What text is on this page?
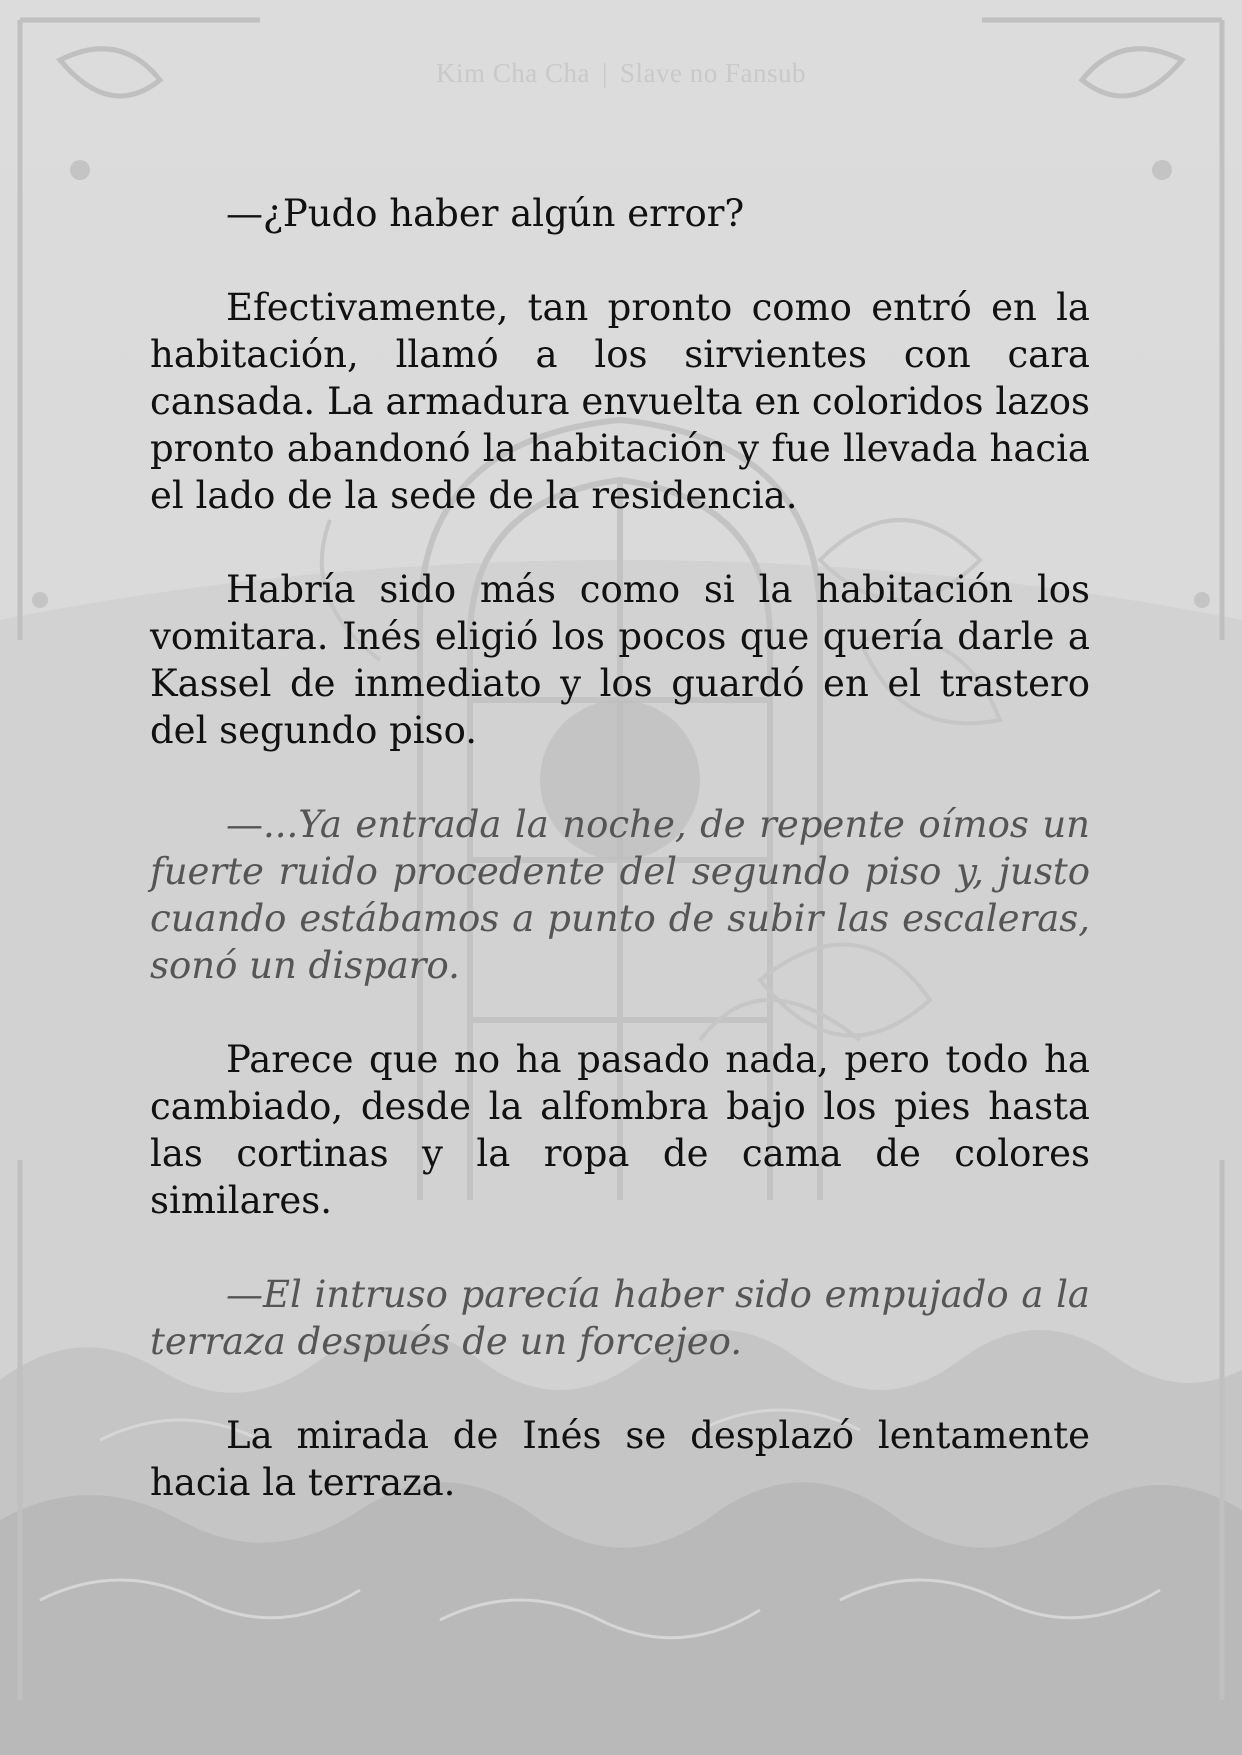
Kim Cha Cha | Slave no Fansub

—¿Pudo haber algún error?

Efectivamente, tan pronto como entró en la habitación, llamó a los sirvientes con cara cansada. La armadura envuelta en coloridos lazos pronto abandonó la habitación y fue llevada hacia el lado de la sede de la residencia.

Habría sido más como si la habitación los vomitara. Inés eligió los pocos que quería darle a Kassel de inmediato y los guardó en el trastero del segundo piso.

—...Ya entrada la noche, de repente oímos un fuerte ruido procedente del segundo piso y, justo cuando estábamos a punto de subir las escaleras, sonó un disparo.

Parece que no ha pasado nada, pero todo ha cambiado, desde la alfombra bajo los pies hasta las cortinas y la ropa de cama de colores similares.

—El intruso parecía haber sido empujado a la terraza después de un forcejeo.

La mirada de Inés se desplazó lentamente hacia la terraza.
